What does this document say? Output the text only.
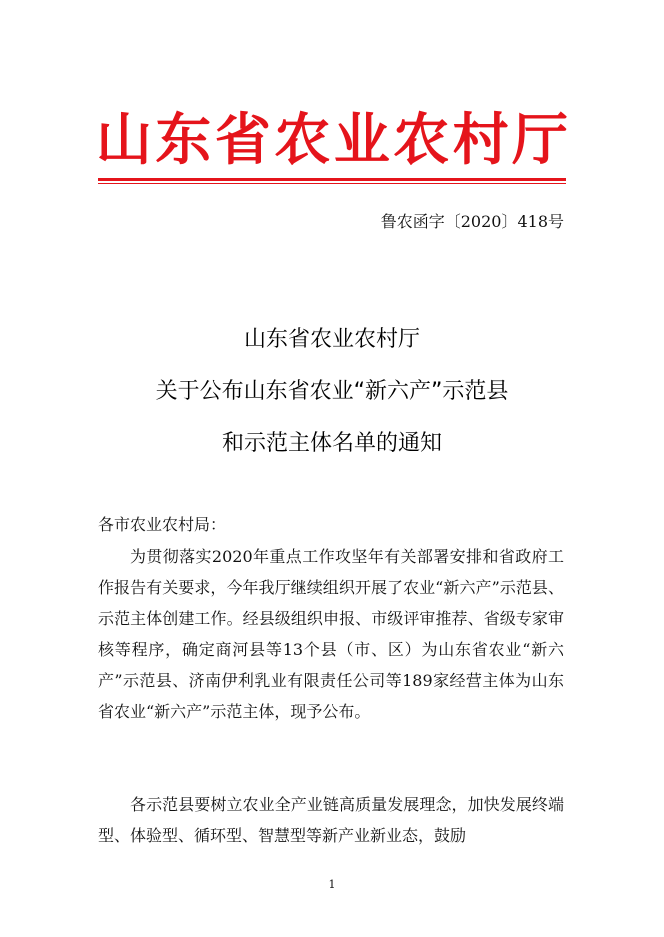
山东省农业农村厅
鲁农函字〔2020〕418号
山东省农业农村厅
关于公布山东省农业“新六产”示范县
和示范主体名单的通知
各市农业农村局：

为贯彻落实2020年重点工作攻坚年有关部署安排和省政府工作报告有关要求，今年我厅继续组织开展了农业“新六产”示范县、示范主体创建工作。经县级组织申报、市级评审推荐、省级专家审核等程序，确定商河县等13个县（市、区）为山东省农业“新六产”示范县、济南伊利乳业有限责任公司等189家经营主体为山东省农业“新六产”示范主体，现予公布。

各示范县要树立农业全产业链高质量发展理念，加快发展终端型、体验型、循环型、智慧型等新产业新业态，鼓励

1
